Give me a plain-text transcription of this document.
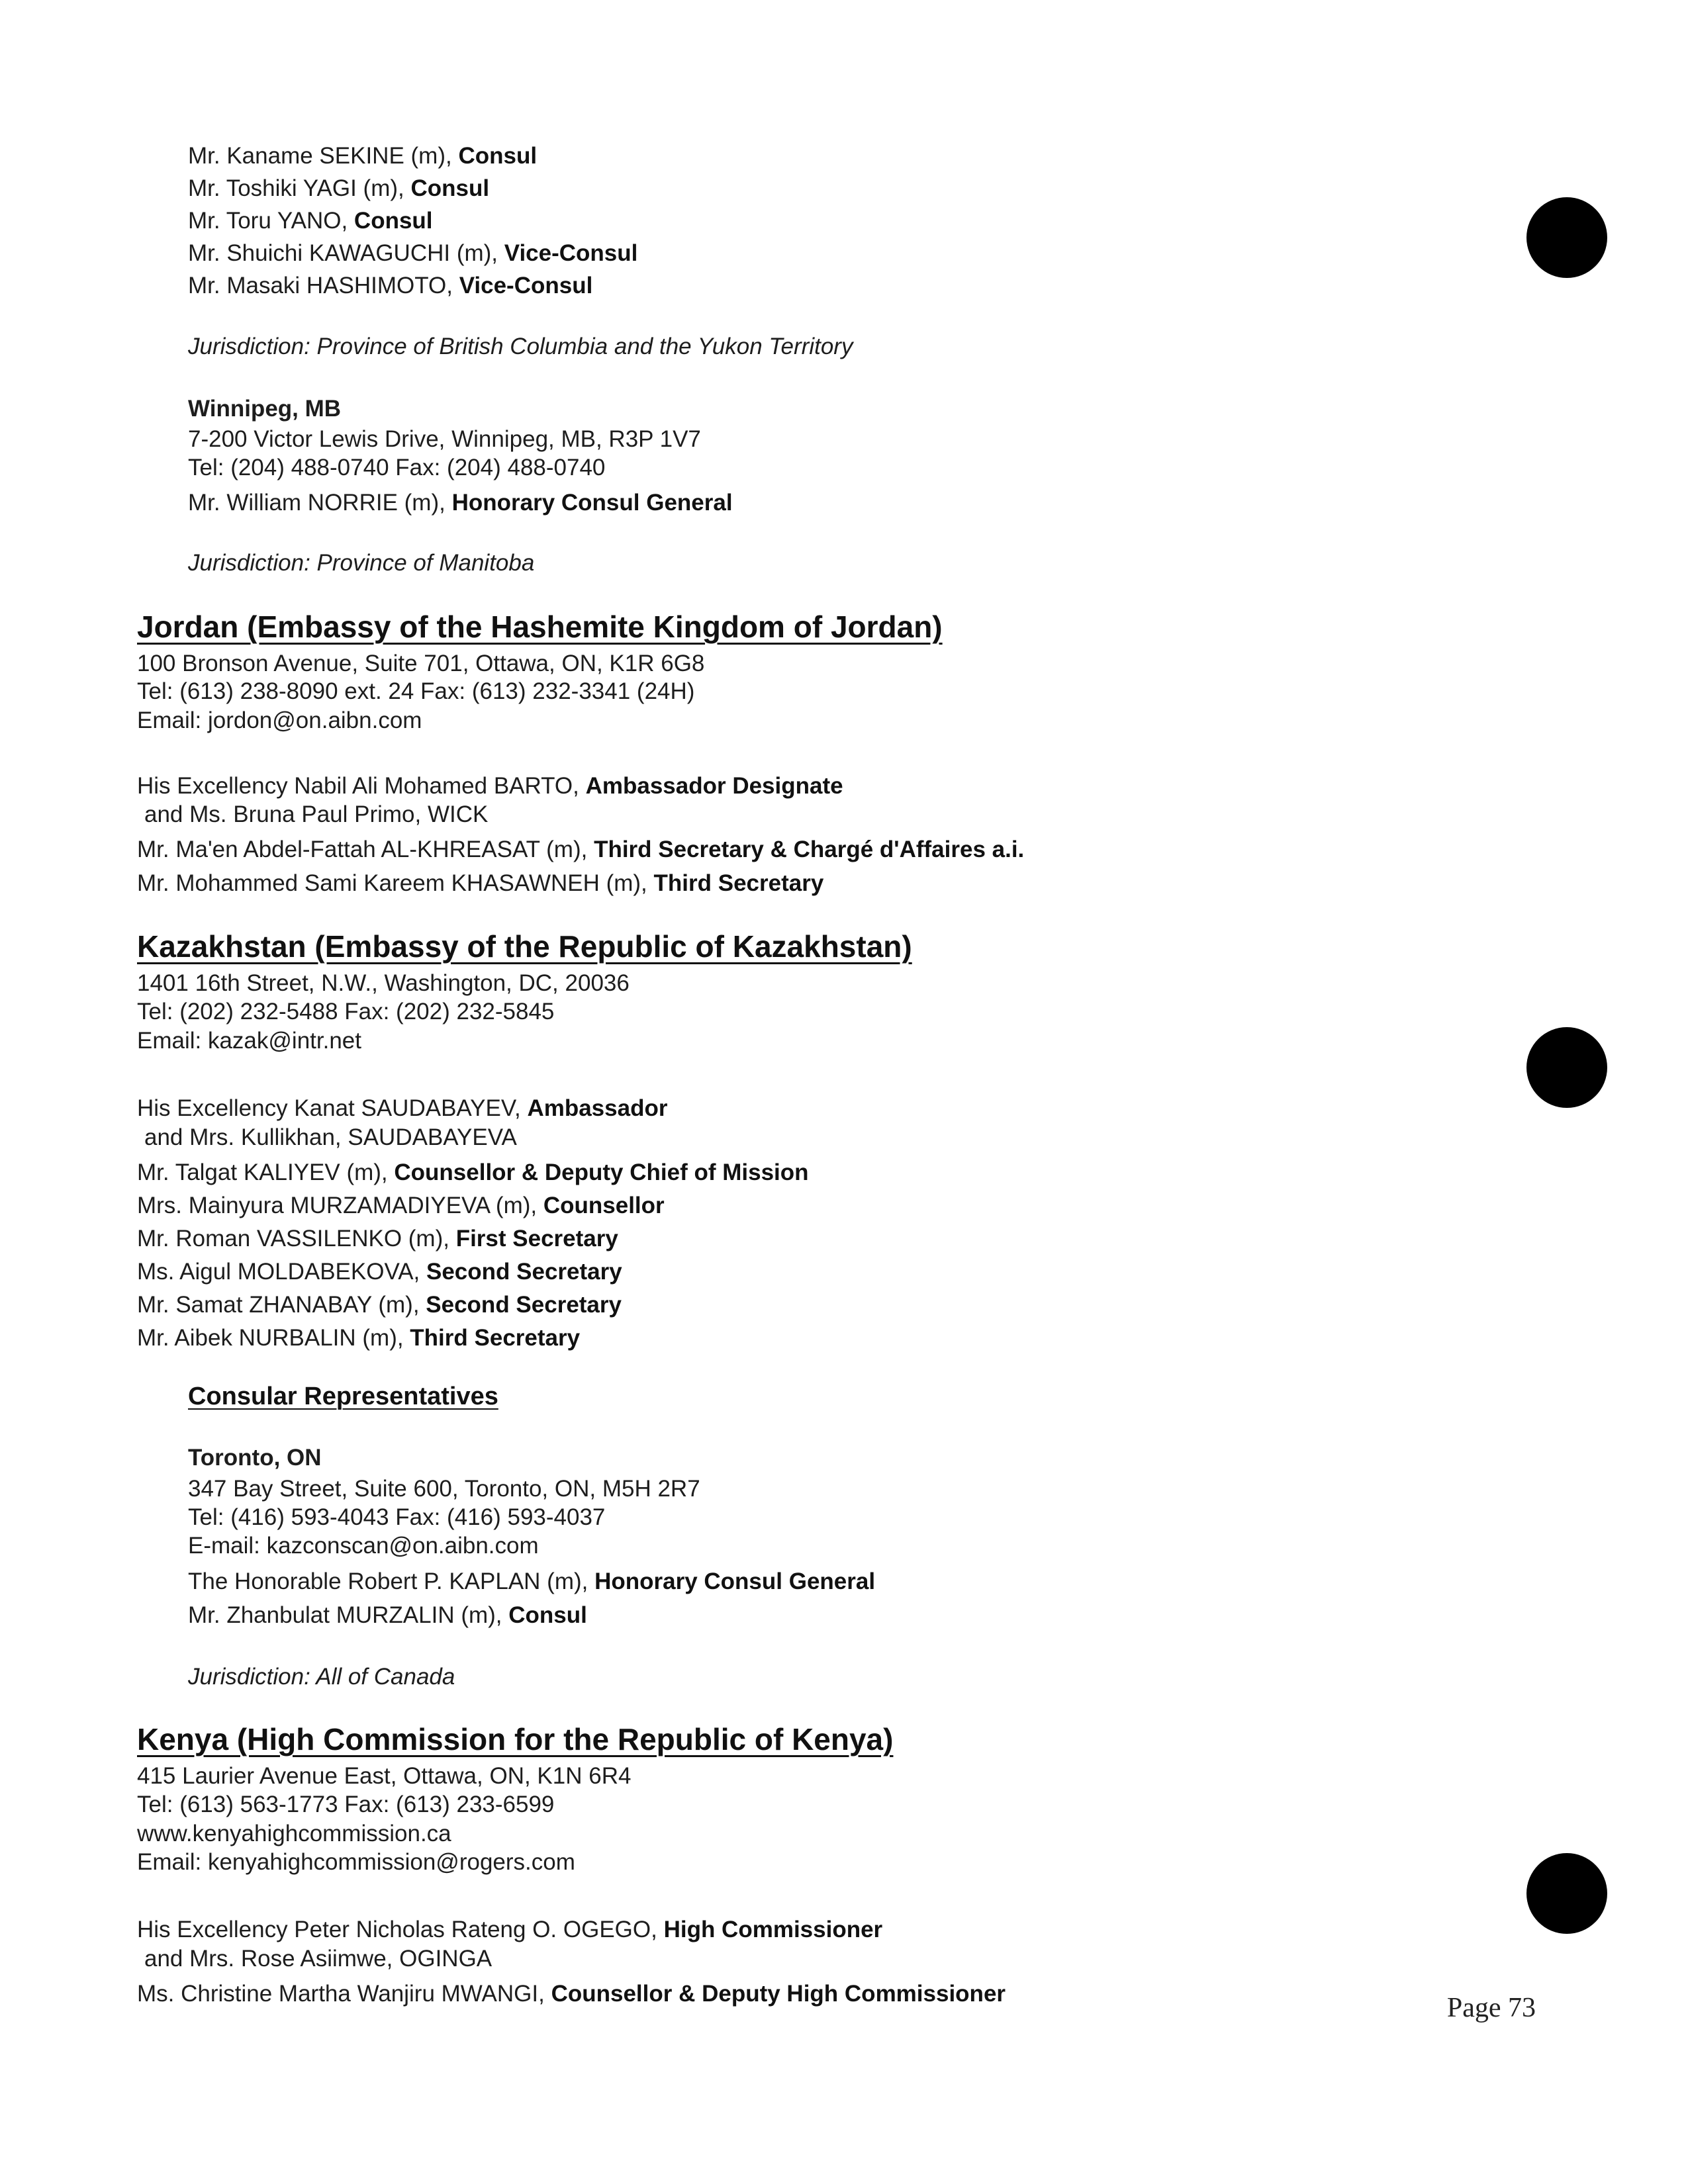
Mr. Kaname SEKINE (m), Consul
Mr. Toshiki YAGI (m), Consul
Mr. Toru YANO, Consul
Mr. Shuichi KAWAGUCHI (m), Vice-Consul
Mr. Masaki HASHIMOTO, Vice-Consul
Jurisdiction: Province of British Columbia and the Yukon Territory
Winnipeg, MB
7-200 Victor Lewis Drive, Winnipeg, MB, R3P 1V7
Tel: (204) 488-0740 Fax: (204) 488-0740
Mr. William NORRIE (m), Honorary Consul General
Jurisdiction: Province of Manitoba
Jordan (Embassy of the Hashemite Kingdom of Jordan)
100 Bronson Avenue, Suite 701, Ottawa, ON, K1R 6G8
Tel: (613) 238-8090 ext. 24 Fax: (613) 232-3341 (24H)
Email: jordon@on.aibn.com
His Excellency Nabil Ali Mohamed BARTO, Ambassador Designate
and Ms. Bruna Paul Primo, WICK
Mr. Ma'en Abdel-Fattah AL-KHREASAT (m), Third Secretary & Chargé d'Affaires a.i.
Mr. Mohammed Sami Kareem KHASAWNEH (m), Third Secretary
Kazakhstan (Embassy of the Republic of Kazakhstan)
1401 16th Street, N.W., Washington, DC, 20036
Tel: (202) 232-5488 Fax: (202) 232-5845
Email: kazak@intr.net
His Excellency Kanat SAUDABAYEV, Ambassador
and Mrs. Kullikhan, SAUDABAYEVA
Mr. Talgat KALIYEV (m), Counsellor & Deputy Chief of Mission
Mrs. Mainyura MURZAMADIYEVA (m), Counsellor
Mr. Roman VASSILENKO (m), First Secretary
Ms. Aigul MOLDABEKOVA, Second Secretary
Mr. Samat ZHANABAY (m), Second Secretary
Mr. Aibek NURBALIN (m), Third Secretary
Consular Representatives
Toronto, ON
347 Bay Street, Suite 600, Toronto, ON, M5H 2R7
Tel: (416) 593-4043 Fax: (416) 593-4037
E-mail: kazconscan@on.aibn.com
The Honorable Robert P. KAPLAN (m), Honorary Consul General
Mr. Zhanbulat MURZALIN (m), Consul
Jurisdiction: All of Canada
Kenya (High Commission for the Republic of Kenya)
415 Laurier Avenue East, Ottawa, ON, K1N 6R4
Tel: (613) 563-1773 Fax: (613) 233-6599
www.kenyahighcommission.ca
Email: kenyahighcommission@rogers.com
His Excellency Peter Nicholas Rateng O. OGEGO, High Commissioner
and Mrs. Rose Asiimwe, OGINGA
Ms. Christine Martha Wanjiru MWANGI, Counsellor & Deputy High Commissioner	Page 73
